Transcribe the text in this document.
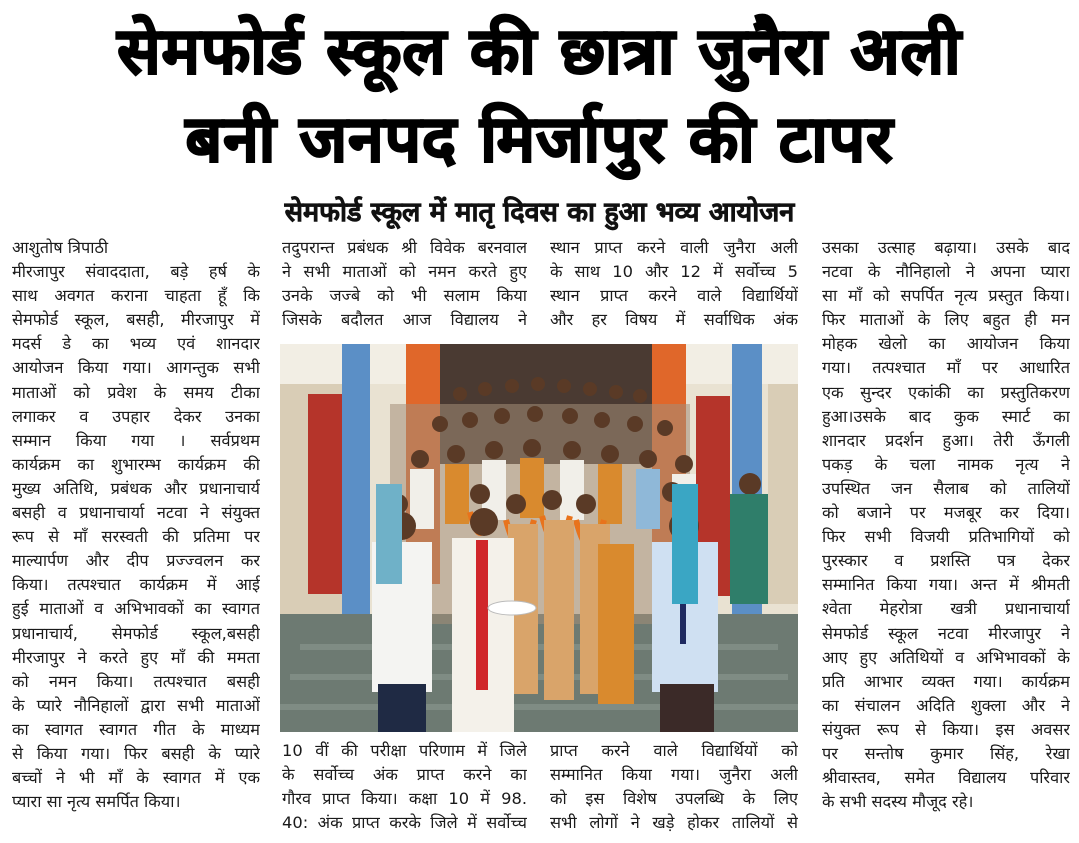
सेमफोर्ड स्कूल की छात्रा जुनैरा अली
बनी जनपद मिर्जापुर की टापर
सेमफोर्ड स्कूल में मातृ दिवस का हुआ भव्य आयोजन
आशुतोष त्रिपाठी
मीरजापुर संवाददाता, बड़े हर्ष के
साथ अवगत कराना चाहता हूँ कि
सेमफोर्ड स्कूल, बसही, मीरजापुर में
मदर्स डे का भव्य एवं शानदार
आयोजन किया गया। आगन्तुक सभी
माताओं को प्रवेश के समय टीका
लगाकर व उपहार देकर उनका
सम्मान किया गया । सर्वप्रथम
कार्यक्रम का शुभारम्भ कार्यक्रम की
मुख्य अतिथि, प्रबंधक और प्रधानाचार्य
बसही व प्रधानाचार्या नटवा ने संयुक्त
रूप से माँ सरस्वती की प्रतिमा पर
माल्यार्पण और दीप प्रज्ज्वलन कर
किया। तत्पश्चात कार्यक्रम में आई
हुई माताओं व अभिभावकों का स्वागत
प्रधानाचार्य, सेमफोर्ड स्कूल,बसही
मीरजापुर ने करते हुए माँ की ममता
को नमन किया। तत्पश्चात बसही
के प्यारे नौनिहालों द्वारा सभी माताओं
का स्वागत स्वागत गीत के माध्यम
से किया गया। फिर बसही के प्यारे
बच्चों ने भी माँ के स्वागत में एक
प्यारा सा नृत्य समर्पित किया।
तदुपरान्त प्रबंधक श्री विवेक बरनवाल
ने सभी माताओं को नमन करते हुए
उनके जज्बे को भी सलाम किया
जिसके बदौलत आज विद्यालय ने
10 वीं की परीक्षा परिणाम में जिले
के सर्वोच्च अंक प्राप्त करने का
गौरव प्राप्त किया। कक्षा 10 में 98.
40: अंक प्राप्त करके जिले में सर्वोच्च
स्थान प्राप्त करने वाली जुनैरा अली
के साथ 10 और 12 में सर्वोच्च 5
स्थान प्राप्त करने वाले विद्यार्थियों
और हर विषय में सर्वाधिक अंक
प्राप्त करने वाले विद्यार्थियों को
सम्मानित किया गया। जुनैरा अली
को इस विशेष उपलब्धि के लिए
सभी लोगों ने खड़े होकर तालियों से
उसका उत्साह बढ़ाया। उसके बाद
नटवा के नौनिहालो ने अपना प्यारा
सा माँ को सपर्पित नृत्य प्रस्तुत किया।
फिर माताओं के लिए बहुत ही मन
मोहक खेलो का आयोजन किया
गया। तत्पश्चात माँ पर आधारित
एक सुन्दर एकांकी का प्रस्तुतिकरण
हुआ।उसके बाद कुक स्मार्ट का
शानदार प्रदर्शन हुआ। तेरी ऊँगली
पकड़ के चला नामक नृत्य ने
उपस्थित जन सैलाब को तालियों
को बजाने पर मजबूर कर दिया।
फिर सभी विजयी प्रतिभागियों को
पुरस्कार व प्रशस्ति पत्र देकर
सम्मानित किया गया। अन्त में श्रीमती
श्वेता मेहरोत्रा खत्री प्रधानाचार्या
सेमफोर्ड स्कूल नटवा मीरजापुर ने
आए हुए अतिथियों व अभिभावकों के
प्रति आभार व्यक्त गया। कार्यक्रम
का संचालन अदिति शुक्ला और ने
संयुक्त रूप से किया। इस अवसर
पर सन्तोष कुमार सिंह, रेखा
श्रीवास्तव, समेत विद्यालय परिवार
के सभी सदस्य मौजूद रहे।
